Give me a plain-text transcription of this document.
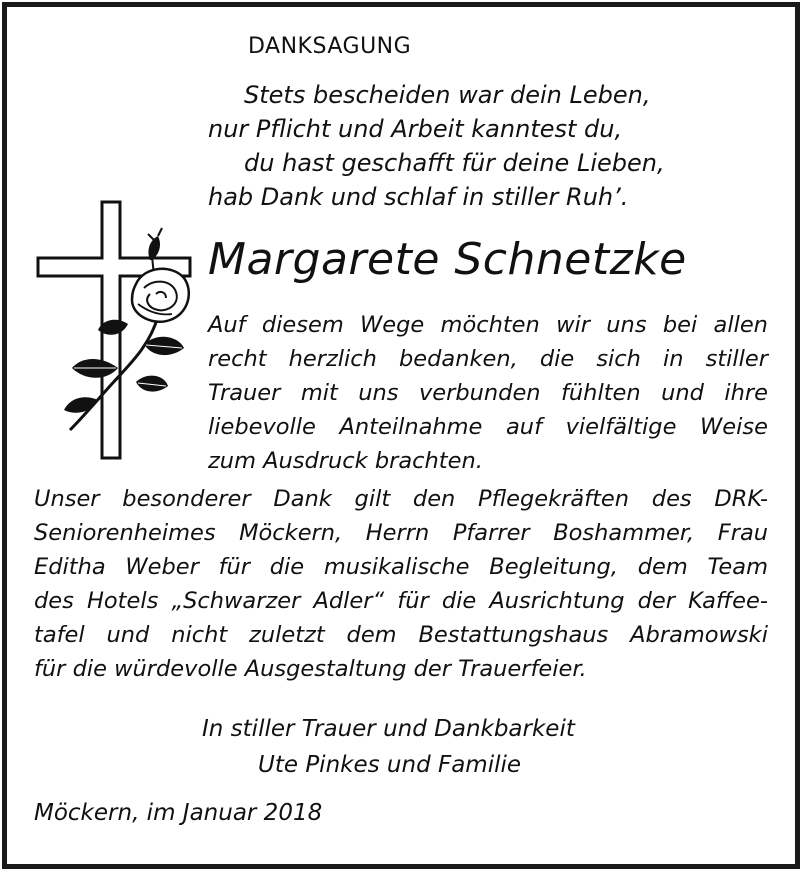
DANKSAGUNG
Stets bescheiden war dein Leben,
nur Pflicht und Arbeit kanntest du,
du hast geschafft für deine Lieben,
hab Dank und schlaf in stiller Ruh’.
Margarete Schnetzke
Auf diesem Wege möchten wir uns bei allen
recht herzlich bedanken, die sich in stiller
Trauer mit uns verbunden fühlten und ihre
liebevolle Anteilnahme auf vielfältige Weise
zum Ausdruck brachten.
Unser besonderer Dank gilt den Pflegekräften des DRK-
Seniorenheimes Möckern, Herrn Pfarrer Boshammer, Frau
Editha Weber für die musikalische Begleitung, dem Team
des Hotels „Schwarzer Adler“ für die Ausrichtung der Kaffee-
tafel und nicht zuletzt dem Bestattungshaus Abramowski
für die würdevolle Ausgestaltung der Trauerfeier.
In stiller Trauer und Dankbarkeit
Ute Pinkes und Familie
Möckern, im Januar 2018
